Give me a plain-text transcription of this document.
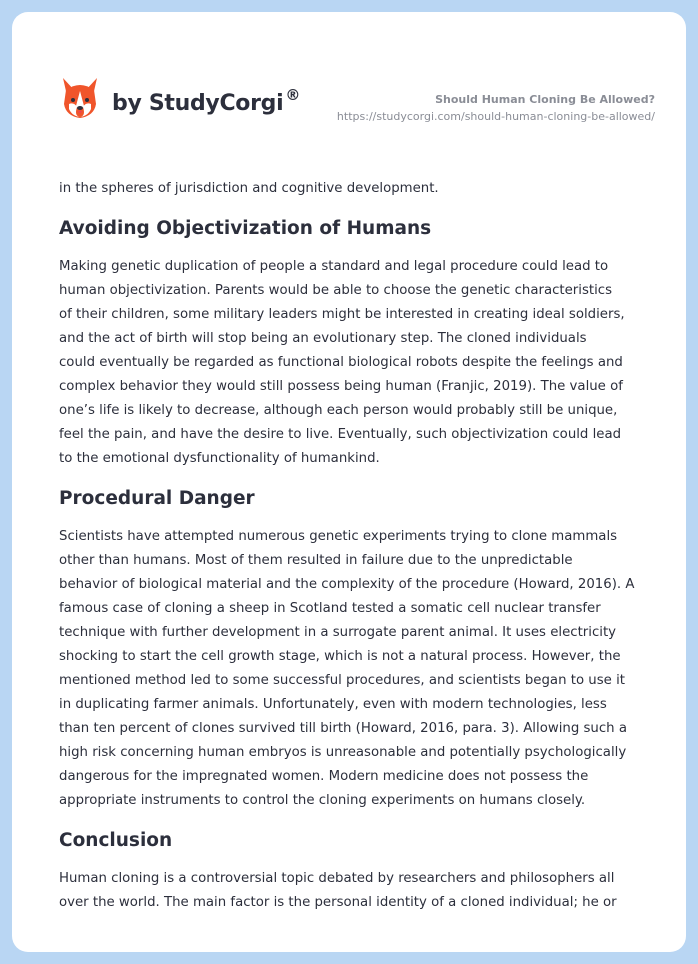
by StudyCorgi ®	Should Human Cloning Be Allowed?
https://studycorgi.com/should-human-cloning-be-allowed/

in the spheres of jurisdiction and cognitive development.

Avoiding Objectivization of Humans

Making genetic duplication of people a standard and legal procedure could lead to
human objectivization. Parents would be able to choose the genetic characteristics
of their children, some military leaders might be interested in creating ideal soldiers,
and the act of birth will stop being an evolutionary step. The cloned individuals
could eventually be regarded as functional biological robots despite the feelings and
complex behavior they would still possess being human (Franjic, 2019). The value of
one’s life is likely to decrease, although each person would probably still be unique,
feel the pain, and have the desire to live. Eventually, such objectivization could lead
to the emotional dysfunctionality of humankind.

Procedural Danger

Scientists have attempted numerous genetic experiments trying to clone mammals
other than humans. Most of them resulted in failure due to the unpredictable
behavior of biological material and the complexity of the procedure (Howard, 2016). A
famous case of cloning a sheep in Scotland tested a somatic cell nuclear transfer
technique with further development in a surrogate parent animal. It uses electricity
shocking to start the cell growth stage, which is not a natural process. However, the
mentioned method led to some successful procedures, and scientists began to use it
in duplicating farmer animals. Unfortunately, even with modern technologies, less
than ten percent of clones survived till birth (Howard, 2016, para. 3). Allowing such a
high risk concerning human embryos is unreasonable and potentially psychologically
dangerous for the impregnated women. Modern medicine does not possess the
appropriate instruments to control the cloning experiments on humans closely.

Conclusion

Human cloning is a controversial topic debated by researchers and philosophers all
over the world. The main factor is the personal identity of a cloned individual; he or
